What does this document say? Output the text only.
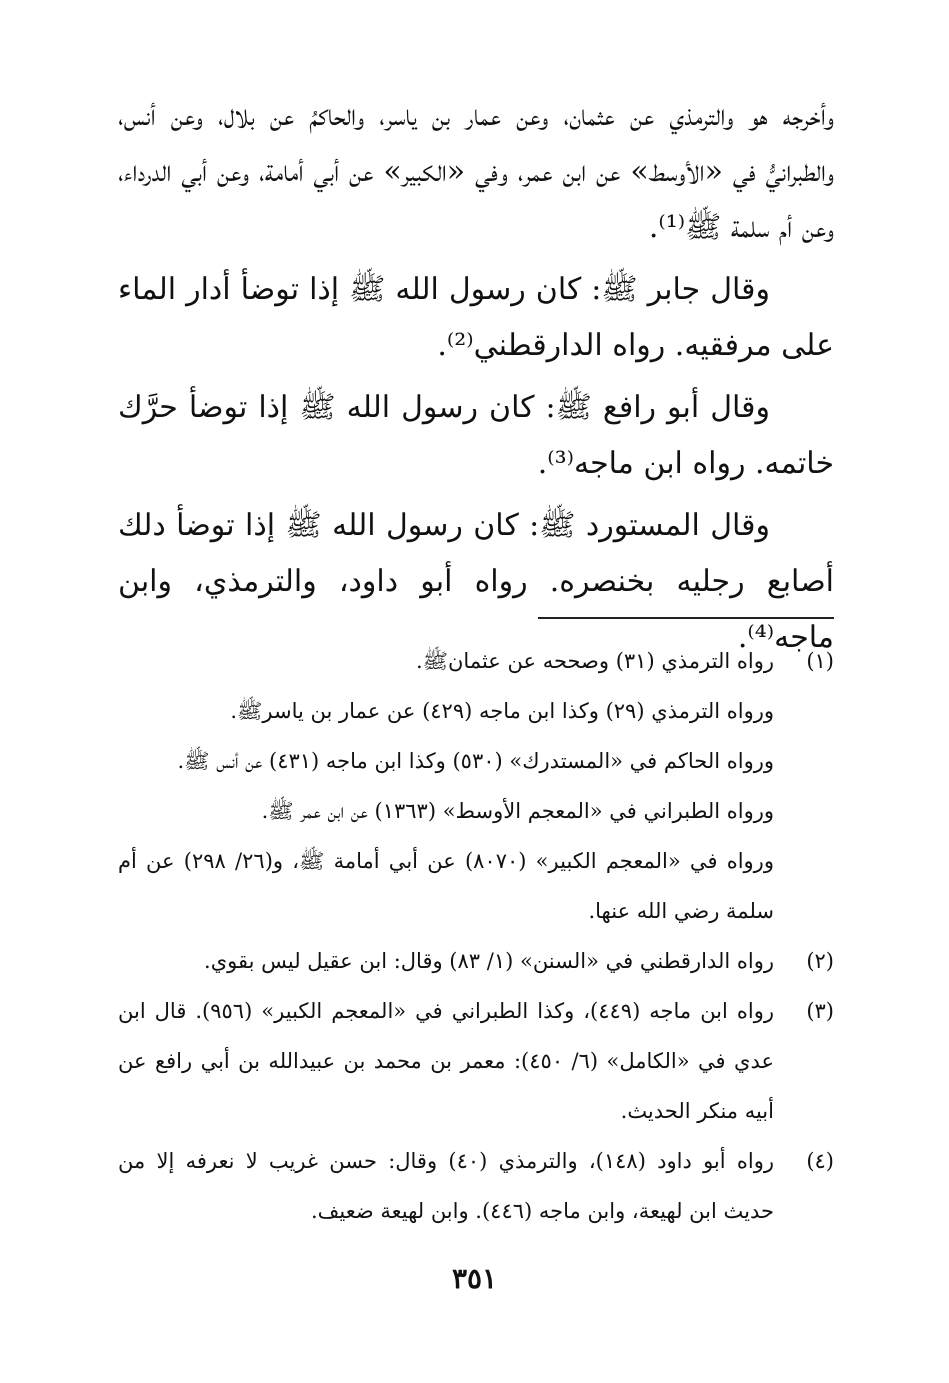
وأخرجه هو والترمذي عن عثمان، وعن عمار بن ياسر، والحاكمُ عن بلال، وعن أنس، والطبرانيُّ في «الأوسط» عن ابن عمر، وفي «الكبير» عن أبي أمامة، وعن أبي الدرداء، وعن أم سلمة ﷺ⁽¹⁾.

وقال جابر ﷺ: كان رسول الله ﷺ إذا توضأ أدار الماء على مرفقيه. رواه الدارقطني⁽²⁾.

وقال أبو رافع ﷺ: كان رسول الله ﷺ إذا توضأ حرَّك خاتمه. رواه ابن ماجه⁽³⁾.

وقال المستورد ﷺ: كان رسول الله ﷺ إذا توضأ دلك أصابع رجليه بخنصره. رواه أبو داود، والترمذي، وابن ماجه⁽⁴⁾.

(١)
رواه الترمذي (٣١) وصححه عن عثمانﷺ.
ورواه الترمذي (٢٩) وكذا ابن ماجه (٤٢٩) عن عمار بن ياسرﷺ.
ورواه الحاكم في «المستدرك» (٥٣٠) وكذا ابن ماجه (٤٣١) عن أنس ﷺ.
ورواه الطبراني في «المعجم الأوسط» (١٣٦٣) عن ابن عمر ﷺ.
ورواه في «المعجم الكبير» (٨٠٧٠) عن أبي أمامة ﷺ، و(٢٦/ ٢٩٨) عن أم سلمة رضي الله عنها.
(٢)
رواه الدارقطني في «السنن» (١/ ٨٣) وقال: ابن عقيل ليس بقوي.
(٣)
رواه ابن ماجه (٤٤٩)، وكذا الطبراني في «المعجم الكبير» (٩٥٦). قال ابن عدي في «الكامل» (٦/ ٤٥٠): معمر بن محمد بن عبيدالله بن أبي رافع عن أبيه منكر الحديث.
(٤)
رواه أبو داود (١٤٨)، والترمذي (٤٠) وقال: حسن غريب لا نعرفه إلا من حديث ابن لهيعة، وابن ماجه (٤٤٦). وابن لهيعة ضعيف.
٣٥١
